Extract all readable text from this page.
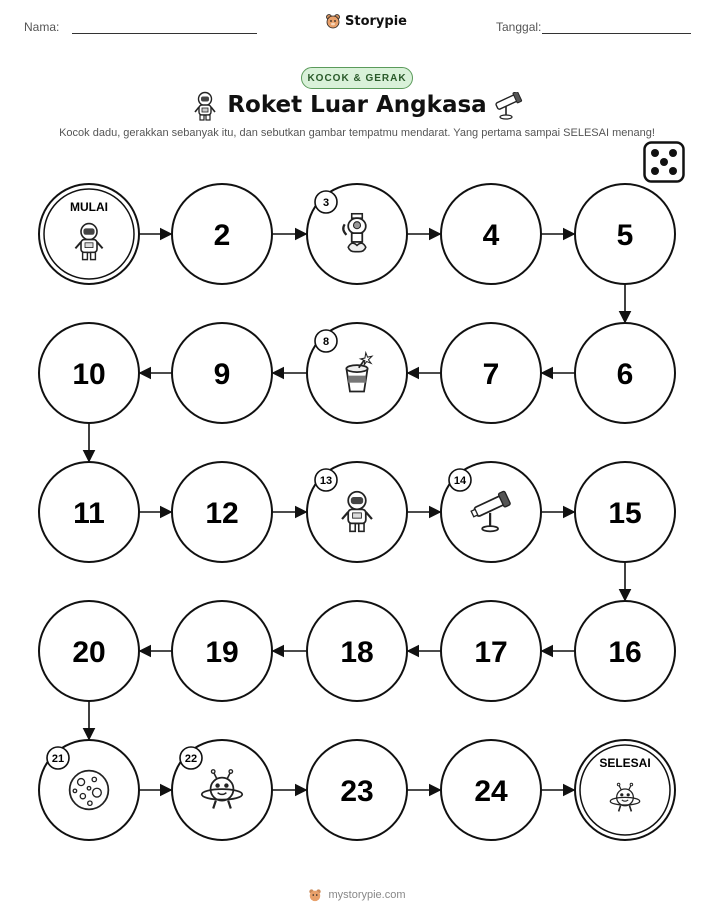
Nama:	Storypie	Tanggal:
KOCOK & GERAK
Roket Luar Angkasa
Kocok dadu, gerakkan sebanyak itu, dan sebutkan gambar tempatmu mendarat. Yang pertama sampai SELESAI menang!
MULAI
2
3
4	5
6
7
8
9
10
11	12
13	14
15
16
17
18
19
20
21	22
23	24
SELESAI
mystorypie.com
